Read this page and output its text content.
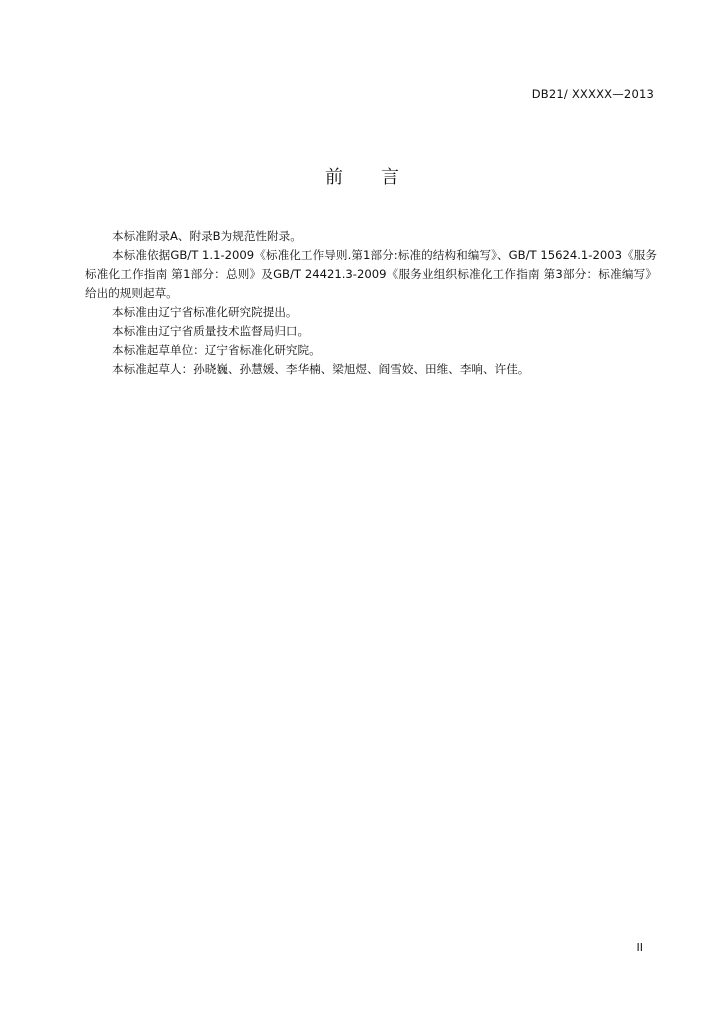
DB21/ XXXXX—2013
前 言

本标准附录A、附录B为规范性附录。

本标准依据GB/T 1.1-2009《标准化工作导则.第1部分:标准的结构和编写》、GB/T 15624.1-2003《服务标准化工作指南 第1部分：总则》及GB/T 24421.3-2009《服务业组织标准化工作指南 第3部分：标准编写》给出的规则起草。

本标准由辽宁省标准化研究院提出。

本标准由辽宁省质量技术监督局归口。

本标准起草单位：辽宁省标准化研究院。

本标准起草人：孙晓巍、孙慧媛、李华楠、梁旭煜、阎雪姣、田维、李响、许佳。

II
